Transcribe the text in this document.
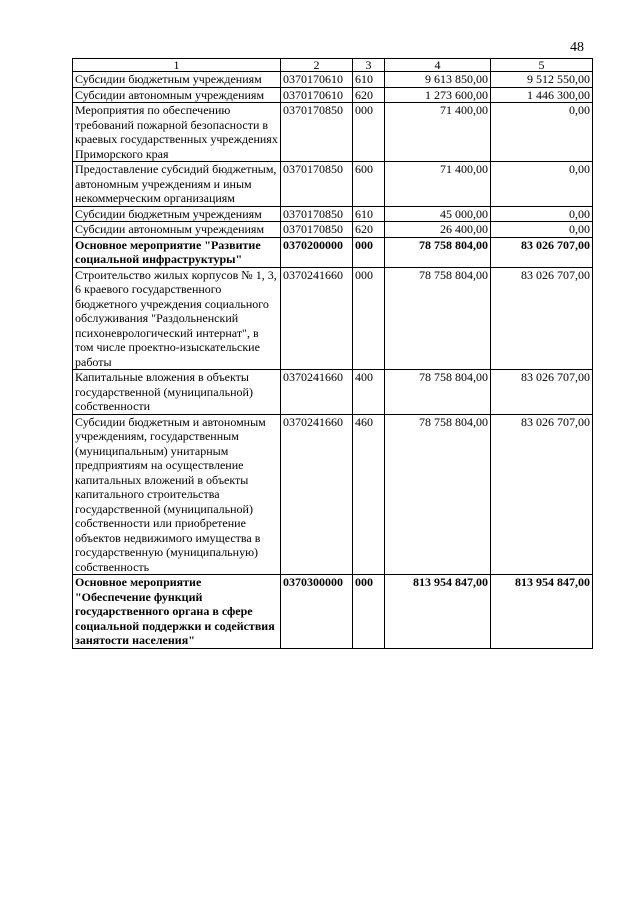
48
1	2	3	4	5
Субсидии бюджетным учреждениям	0370170610	610	9 613 850,00	9 512 550,00
Субсидии автономным учреждениям	0370170610	620	1 273 600,00	1 446 300,00
Мероприятия по обеспечению требований пожарной безопасности в краевых государственных учреждениях Приморского края	0370170850	000	71 400,00	0,00
Предоставление субсидий бюджетным, автономным учреждениям и иным некоммерческим организациям	0370170850	600	71 400,00	0,00
Субсидии бюджетным учреждениям	0370170850	610	45 000,00	0,00
Субсидии автономным учреждениям	0370170850	620	26 400,00	0,00
Основное мероприятие "Развитие социальной инфраструктуры"	0370200000	000	78 758 804,00	83 026 707,00
Строительство жилых корпусов № 1, 3, 6 краевого государственного бюджетного учреждения социального обслуживания "Раздольненский психоневрологический интернат", в том числе проектно-изыскательские работы	0370241660	000	78 758 804,00	83 026 707,00
Капитальные вложения в объекты государственной (муниципальной) собственности	0370241660	400	78 758 804,00	83 026 707,00
Субсидии бюджетным и автономным учреждениям, государственным (муниципальным) унитарным предприятиям на осуществление капитальных вложений в объекты капитального строительства государственной (муниципальной) собственности или приобретение объектов недвижимого имущества в государственную (муниципальную) собственность	0370241660	460	78 758 804,00	83 026 707,00
Основное мероприятие "Обеспечение функций государственного органа в сфере социальной поддержки и содействия занятости населения"	0370300000	000	813 954 847,00	813 954 847,00
